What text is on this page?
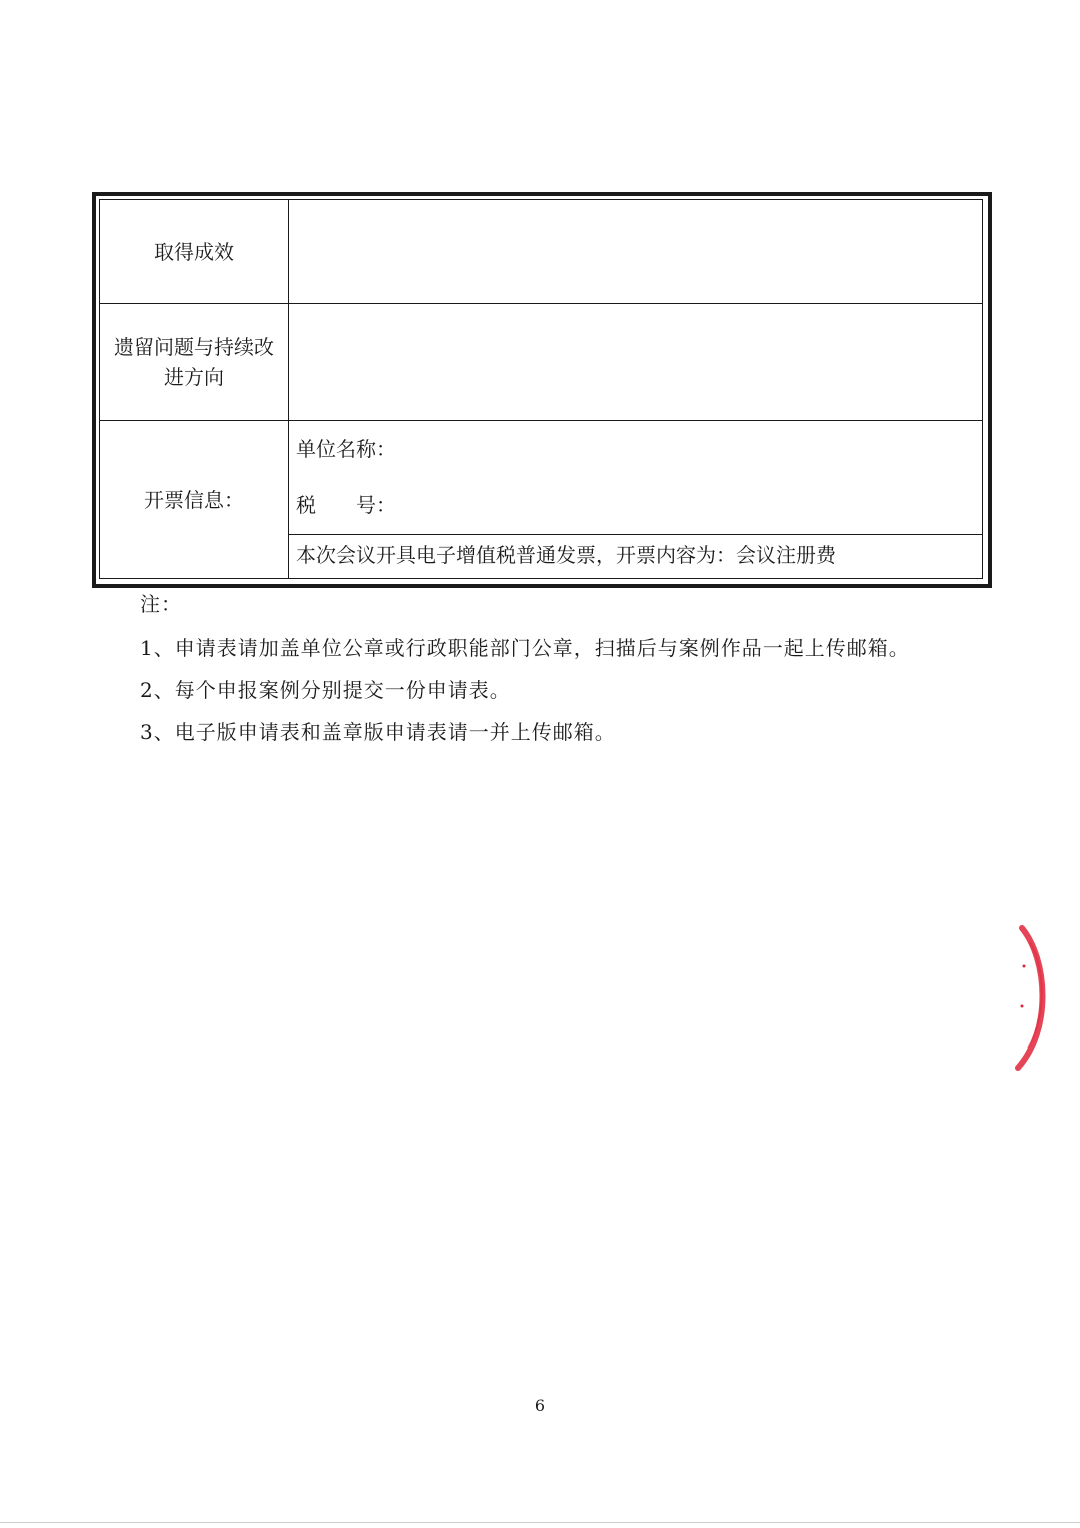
取得成效
遗留问题与持续改进方向
开票信息：
单位名称：
税　　号：
本次会议开具电子增值税普通发票，开票内容为：会议注册费
注：
1、申请表请加盖单位公章或行政职能部门公章，扫描后与案例作品一起上传邮箱。
2、每个申报案例分别提交一份申请表。
3、电子版申请表和盖章版申请表请一并上传邮箱。
6
